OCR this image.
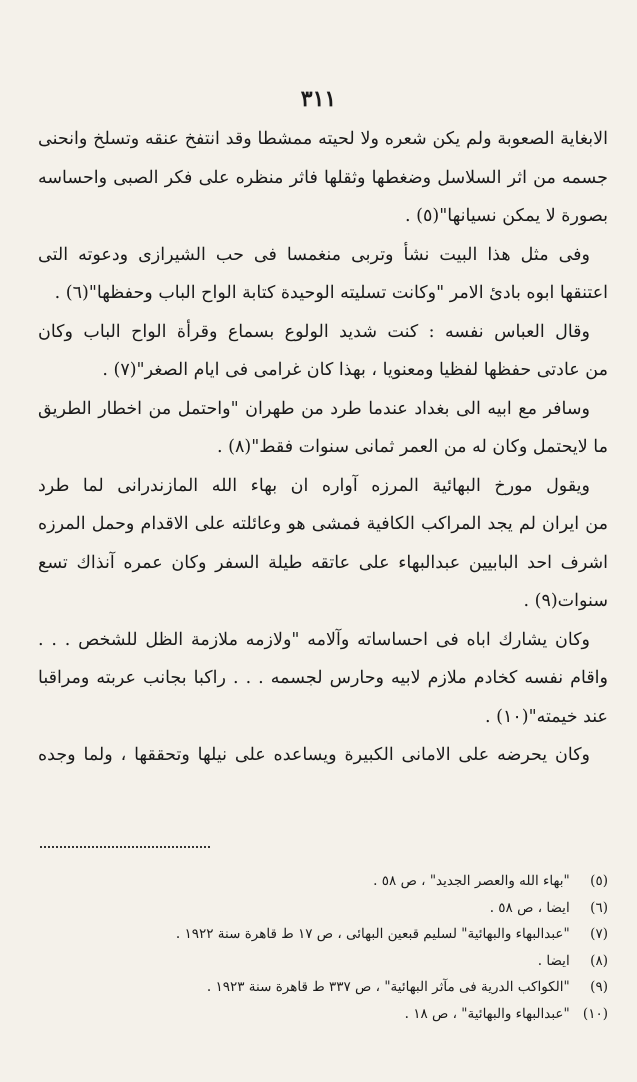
٣١١
الابغاية الصعوبة ولم يكن شعره ولا لحيته ممشطا وقد انتفخ عنقه وتسلخ وانحنى
جسمه من اثر السلاسل وضغطها وثقلها فاثر منظره على فكر الصبى واحساسه
بصورة لا يمكن نسيانها"(٥) .
وفى مثل هذا البيت نشأ وتربى منغمسا فى حب الشيرازى ودعوته التى
اعتنقها ابوه بادئ الامر "وكانت تسليته الوحيدة كتابة الواح الباب وحفظها"(٦) .
وقال العباس نفسه : كنت شديد الولوع بسماع وقرأة الواح الباب وكان
من عادتى حفظها لفظيا ومعنويا ، بهذا كان غرامى فى ايام الصغر"(٧) .
وسافر مع ابيه الى بغداد عندما طرد من طهران "واحتمل من اخطار الطريق
ما لايحتمل وكان له من العمر ثمانى سنوات فقط"(٨) .
ويقول مورخ البهائية المرزه آواره ان بهاء الله المازندرانى لما طرد
من ايران لم يجد المراكب الكافية فمشى هو وعائلته على الاقدام وحمل المرزه
اشرف احد البابيين عبدالبهاء على عاتقه طيلة السفر وكان عمره آنذاك تسع
سنوات(٩) .
وكان يشارك اباه فى احساساته وآلامه "ولازمه ملازمة الظل للشخص . . .
واقام نفسه كخادم ملازم لابيه وحارس لجسمه . . . راكبا بجانب عربته ومراقبا
عند خيمته"(١٠) .
وكان يحرضه على الامانى الكبيرة ويساعده على نيلها وتحققها ، ولما وجده
(٥) "بهاء الله والعصر الجديد" ، ص ٥٨ .
(٦) ايضا ، ص ٥٨ .
(٧) "عبدالبهاء والبهائية" لسليم قبعين البهائى ، ص ١٧ ط قاهرة سنة ١٩٢٢ .
(٨) ايضا .
(٩) "الكواكب الدرية فى مآثر البهائية" ، ص ٣٣٧ ط قاهرة سنة ١٩٢٣ .
(١٠) "عبدالبهاء والبهائية" ، ص ١٨ .
